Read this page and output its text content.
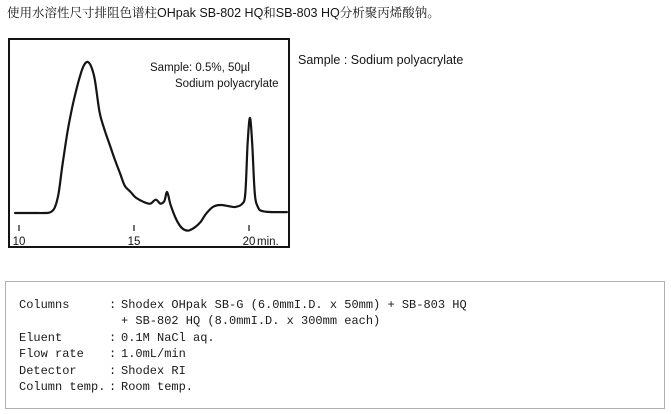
使用水溶性尺寸排阻色谱柱OHpak SB-802 HQ和SB-803 HQ分析聚丙烯酸钠。
10	15	20 min.
Sample: 0.5%, 50µl
Sodium polyacrylate
Sample : Sodium polyacrylate
Columns	: Shodex OHpak SB-G (6.0mmI.D. x 50mm) + SB-803 HQ
+ SB-802 HQ (8.0mmI.D. x 300mm each)
Eluent	: 0.1M NaCl aq.
Flow rate : 1.0mL/min
Detector	: Shodex RI
Column temp. : Room temp.
